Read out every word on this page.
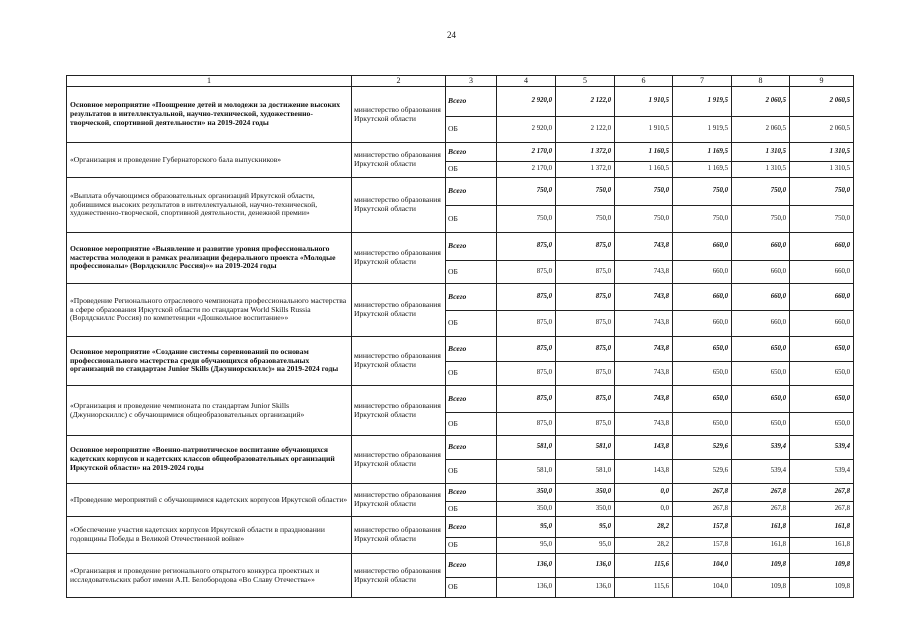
24
1	2	3	4	5	6	7	8	9
Основное мероприятие «Поощрение детей и молодежи за достижение высоких результатов в интеллектуальной, научно-технической, художественно-творческой, спортивной деятельности» на 2019-2024 годы	министерство образования Иркутской области	Всего	2 920,0	2 122,0	1 910,5	1 919,5	2 060,5	2 060,5
		ОБ	2 920,0	2 122,0	1 910,5	1 919,5	2 060,5	2 060,5
«Организация и проведение Губернаторского бала выпускников»	министерство образования Иркутской области	Всего	2 170,0	1 372,0	1 160,5	1 169,5	1 310,5	1 310,5
		ОБ	2 170,0	1 372,0	1 160,5	1 169,5	1 310,5	1 310,5
«Выплата обучающимся образовательных организаций Иркутской области, добившимся высоких результатов в интеллектуальной, научно-технической, художественно-творческой, спортивной деятельности, денежной премии»	министерство образования Иркутской области	Всего	750,0	750,0	750,0	750,0	750,0	750,0
		ОБ	750,0	750,0	750,0	750,0	750,0	750,0
Основное мероприятие «Выявление и развитие уровня профессионального мастерства молодежи в рамках реализации федерального проекта «Молодые профессионалы» (Ворлдскиллс Россия)»» на 2019-2024 годы	министерство образования Иркутской области	Всего	875,0	875,0	743,8	660,0	660,0	660,0
		ОБ	875,0	875,0	743,8	660,0	660,0	660,0
«Проведение Регионального отраслевого чемпионата профессионального мастерства в сфере образования Иркутской области по стандартам World Skills Russia (Ворлдскиллс Россия) по компетенции «Дошкольное воспитание»»	министерство образования Иркутской области	Всего	875,0	875,0	743,8	660,0	660,0	660,0
		ОБ	875,0	875,0	743,8	660,0	660,0	660,0
Основное мероприятие «Создание системы соревнований по основам профессионального мастерства среди обучающихся образовательных организаций по стандартам Junior Skills (Джуниорскиллс)» на 2019-2024 годы	министерство образования Иркутской области	Всего	875,0	875,0	743,8	650,0	650,0	650,0
		ОБ	875,0	875,0	743,8	650,0	650,0	650,0
«Организация и проведение чемпионата по стандартам Junior Skills (Джуниорскиллс) с обучающимися общеобразовательных организаций»	министерство образования Иркутской области	Всего	875,0	875,0	743,8	650,0	650,0	650,0
		ОБ	875,0	875,0	743,8	650,0	650,0	650,0
Основное мероприятие «Военно-патриотическое воспитание обучающихся кадетских корпусов и кадетских классов общеобразовательных организаций Иркутской области» на 2019-2024 годы	министерство образования Иркутской области	Всего	581,0	581,0	143,8	529,6	539,4	539,4
		ОБ	581,0	581,0	143,8	529,6	539,4	539,4
«Проведение мероприятий с обучающимися кадетских корпусов Иркутской области»	министерство образования Иркутской области	Всего	350,0	350,0	0,0	267,8	267,8	267,8
		ОБ	350,0	350,0	0,0	267,8	267,8	267,8
«Обеспечение участия кадетских корпусов Иркутской области в праздновании годовщины Победы в Великой Отечественной войне»	министерство образования Иркутской области	Всего	95,0	95,0	28,2	157,8	161,8	161,8
		ОБ	95,0	95,0	28,2	157,8	161,8	161,8
«Организация и проведение регионального открытого конкурса проектных и исследовательских работ имени А.П. Белобородова «Во Славу Отечества»»	министерство образования Иркутской области	Всего	136,0	136,0	115,6	104,0	109,8	109,8
		ОБ	136,0	136,0	115,6	104,0	109,8	109,8
